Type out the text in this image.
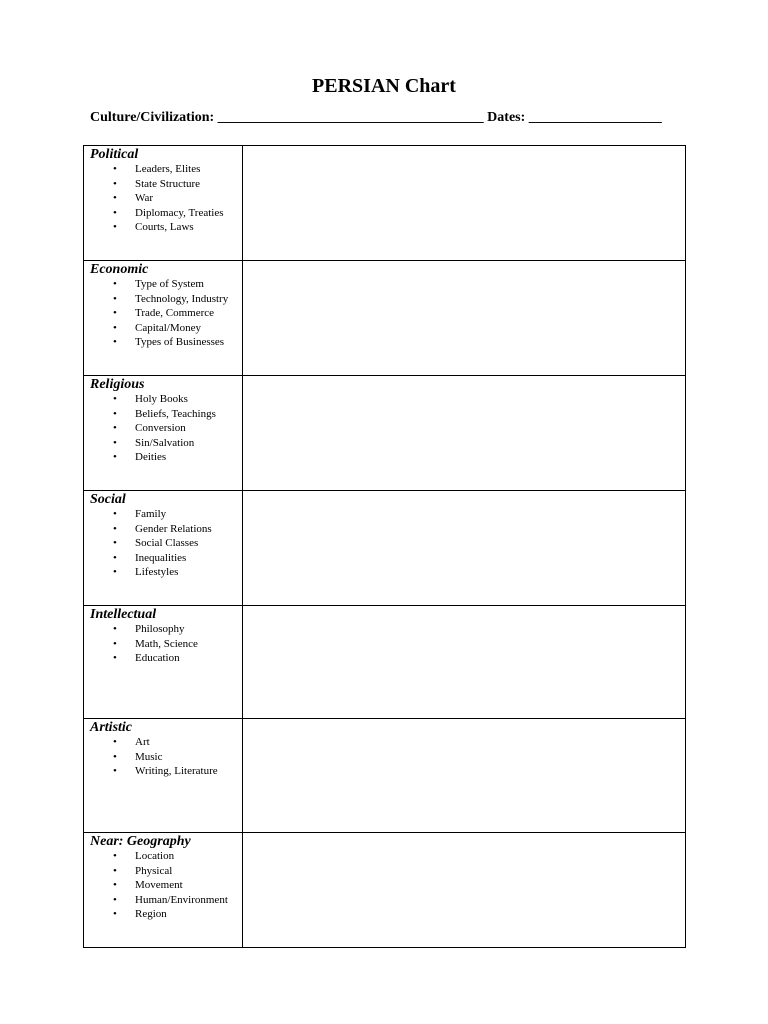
PERSIAN Chart
Culture/Civilization: ______________________________________ Dates: ___________________
Political
• Leaders, Elites
• State Structure
• War
• Diplomacy, Treaties
• Courts, Laws
Economic
• Type of System
• Technology, Industry
• Trade, Commerce
• Capital/Money
• Types of Businesses
Religious
• Holy Books
• Beliefs, Teachings
• Conversion
• Sin/Salvation
• Deities
Social
• Family
• Gender Relations
• Social Classes
• Inequalities
• Lifestyles
Intellectual
• Philosophy
• Math, Science
• Education
Artistic
• Art
• Music
• Writing, Literature
Near: Geography
• Location
• Physical
• Movement
• Human/Environment
• Region
